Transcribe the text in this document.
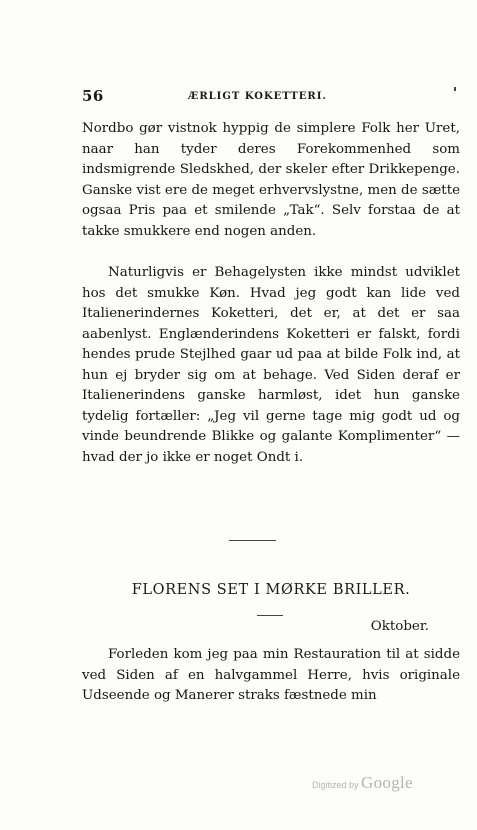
56	ÆRLIGT KOKETTERI.

Nordbo gør vistnok hyppig de simplere Folk her Uret, naar han tyder deres Forekommenhed som indsmigrende Sledskhed, der skeler efter Drikkepenge. Ganske vist ere de meget erhvervslystne, men de sætte ogsaa Pris paa et smilende „Tak“. Selv forstaa de at takke smukkere end nogen anden.

Naturligvis er Behagelysten ikke mindst udviklet hos det smukke Køn. Hvad jeg godt kan lide ved Italienerindernes Koketteri, det er, at det er saa aabenlyst. Englænderindens Koketteri er falskt, fordi hendes prude Stejlhed gaar ud paa at bilde Folk ind, at hun ej bryder sig om at behage. Ved Siden deraf er Italienerindens ganske harmløst, idet hun ganske tydelig fortæller: „Jeg vil gerne tage mig godt ud og vinde beundrende Blikke og galante Komplimenter“ — hvad der jo ikke er noget Ondt i.

FLORENS SET I MØRKE BRILLER.
Oktober.

Forleden kom jeg paa min Restauration til at sidde ved Siden af en halvgammel Herre, hvis originale Udseende og Manerer straks fæstnede min

Digitized by Google
